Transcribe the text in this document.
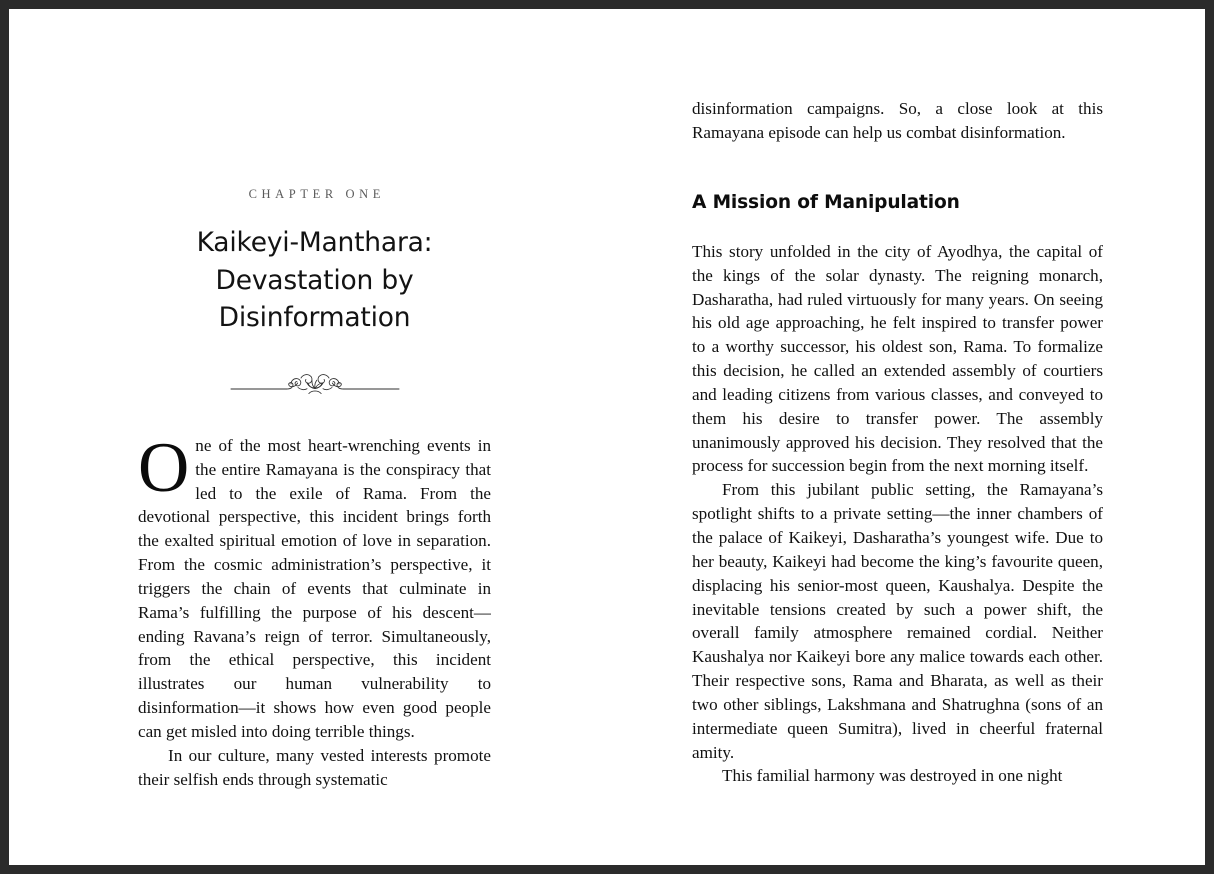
CHAPTER ONE
Kaikeyi-Manthara:
Devastation by Disinformation

One of the most heart-wrenching events in the entire Ramayana is the conspiracy that led to the exile of Rama. From the devotional perspective, this incident brings forth the exalted spiritual emotion of love in separation. From the cosmic administration’s perspective, it triggers the chain of events that culminate in Rama’s fulfilling the purpose of his descent—ending Ravana’s reign of terror. Simultaneously, from the ethical perspective, this incident illustrates our human vulnerability to disinformation—it shows how even good people can get misled into doing terrible things.

In our culture, many vested interests promote their selfish ends through systematic

disinformation campaigns. So, a close look at this Ramayana episode can help us combat disinformation.

A Mission of Manipulation

This story unfolded in the city of Ayodhya, the capital of the kings of the solar dynasty. The reigning monarch, Dasharatha, had ruled virtuously for many years. On seeing his old age approaching, he felt inspired to transfer power to a worthy successor, his oldest son, Rama. To formalize this decision, he called an extended assembly of courtiers and leading citizens from various classes, and conveyed to them his desire to transfer power. The assembly unanimously approved his decision. They resolved that the process for succession begin from the next morning itself.

From this jubilant public setting, the Ramayana’s spotlight shifts to a private setting—the inner chambers of the palace of Kaikeyi, Dasharatha’s youngest wife. Due to her beauty, Kaikeyi had become the king’s favourite queen, displacing his senior-most queen, Kaushalya. Despite the inevitable tensions created by such a power shift, the overall family atmosphere remained cordial. Neither Kaushalya nor Kaikeyi bore any malice towards each other. Their respective sons, Rama and Bharata, as well as their two other siblings, Lakshmana and Shatrughna (sons of an intermediate queen Sumitra), lived in cheerful fraternal amity.

This familial harmony was destroyed in one night
